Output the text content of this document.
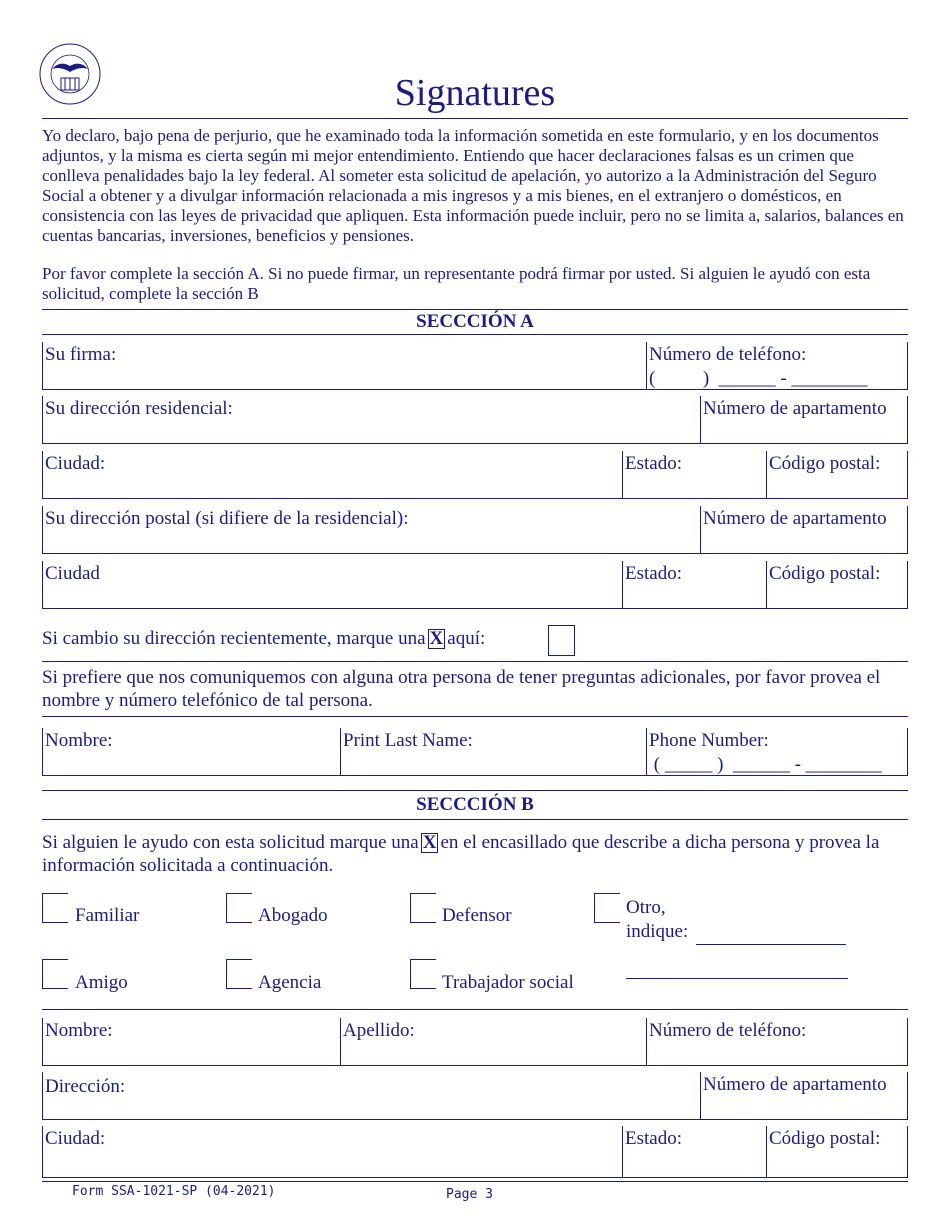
Signatures
Yo declaro, bajo pena de perjurio, que he examinado toda la información sometida en este formulario, y en los documentos adjuntos, y la misma es cierta según mi mejor entendimiento. Entiendo que hacer declaraciones falsas es un crimen que conlleva penalidades bajo la ley federal. Al someter esta solicitud de apelación, yo autorizo a la Administración del Seguro Social a obtener y a divulgar información relacionada a mis ingresos y a mis bienes, en el extranjero o domésticos, en consistencia con las leyes de privacidad que apliquen. Esta información puede incluir, pero no se limita a, salarios, balances en cuentas bancarias, inversiones, beneficios y pensiones.
Por favor complete la sección A. Si no puede firmar, un representante podrá firmar por usted. Si alguien le ayudó con esta solicitud, complete la sección B
SECCCIÓN A
Su firma:	Número de teléfono:
(          )  ______ - ________
Su dirección residencial:	Número de apartamento
Ciudad:	Estado:	Código postal:
Su dirección postal (si difiere de la residencial):	Número de apartamento
Ciudad	Estado:	Código postal:
Si cambio su dirección recientemente, marque una X aquí:
Si prefiere que nos comuniquemos con alguna otra persona de tener preguntas adicionales, por favor provea el nombre y número telefónico de tal persona.
Nombre:	Print Last Name:	Phone Number:
( _____ )  ______ - ________
SECCCIÓN B
Si alguien le ayudo con esta solicitud marque una X en el encasillado que describe a dicha persona y provea la información solicitada a continuación.
Familiar	Abogado	Defensor	Otro,
indique:
Amigo	Agencia	Trabajador social
Nombre:	Apellido:	Número de teléfono:
Dirección:	Número de apartamento
Ciudad:	Estado:	Código postal:
Form SSA-1021-SP (04-2021)	Page 3
